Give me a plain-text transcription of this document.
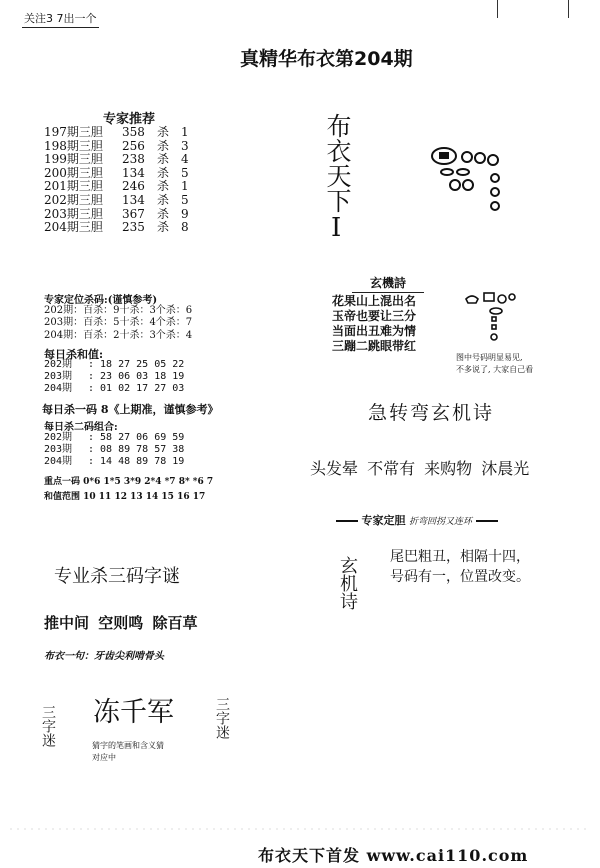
关注3 7出一个
真精华布衣第204期
专家推荐
197期三胆 358 杀 1
198期三胆 256 杀 3
199期三胆 238 杀 4
200期三胆 134 杀 5
201期三胆 246 杀 1
202期三胆 134 杀 5
203期三胆 367 杀 9
204期三胆 235 杀 8
专家定位杀码:(谨慎参考)
202期：百杀：9十杀：3个杀：6
203期：百杀：5十杀：4个杀：7
204期：百杀：2十杀：3个杀：4
每日杀和值:
202期 : 18 27 25 05 22
203期 : 23 06 03 18 19
204期 : 01 02 17 27 03
每日杀一码 8《上期准，谨慎参考》
每日杀二码组合:
202期 : 58 27 06 69 59
203期 : 08 89 78 57 38
204期 : 14 48 89 78 19
重点一码 0*6 1*5 3*9 2*4 *7 8* *6 7
和值范围 10 11 12 13 14 15 16 17
专业杀三码字谜
推中间 空则鸣 除百草
布衣一句：牙齿尖利啃骨头
冻千军
三字迷	三字迷
猜字的笔画和含义猜
对应中
布衣天下
I
玄機詩
花果山上混出名
玉帝也要让三分
当面出丑难为情
三蹦二跳眼带红
图中号码明显易见,
不多说了, 大家自己看
急转弯玄机诗
头发晕 不常有 来购物 沐晨光
专家定胆 折弯回拐又连环
玄机诗 尾巴粗丑，相隔十四，
号码有一，位置改变。
布衣天下首发 www.cai110.com
